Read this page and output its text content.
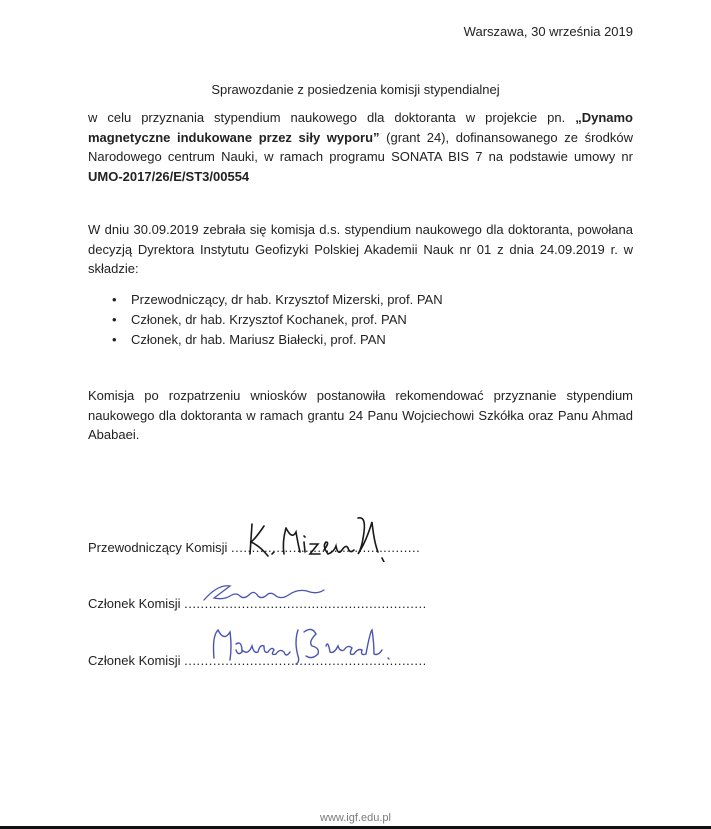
Warszawa, 30 września 2019
Sprawozdanie z posiedzenia komisji stypendialnej
w celu przyznania stypendium naukowego dla doktoranta w projekcie pn. „Dynamo magnetyczne indukowane przez siły wyporu” (grant 24), dofinansowanego ze środków Narodowego centrum Nauki, w ramach programu SONATA BIS 7 na podstawie umowy nr UMO-2017/26/E/ST3/00554
W dniu 30.09.2019 zebrała się komisja d.s. stypendium naukowego dla doktoranta, powołana decyzją Dyrektora Instytutu Geofizyki Polskiej Akademii Nauk nr 01 z dnia 24.09.2019 r. w składzie:
• Przewodniczący, dr hab. Krzysztof Mizerski, prof. PAN
• Członek, dr hab. Krzysztof Kochanek, prof. PAN
• Członek, dr hab. Mariusz Białecki, prof. PAN
Komisja po rozpatrzeniu wniosków postanowiła rekomendować przyznanie stypendium naukowego dla doktoranta w ramach grantu 24 Panu Wojciechowi Szkółka oraz Panu Ahmad Ababaei.
Przewodniczący Komisji ..............................................
Członek Komisji ...........................................................
Członek Komisji ...........................................................
www.igf.edu.pl
